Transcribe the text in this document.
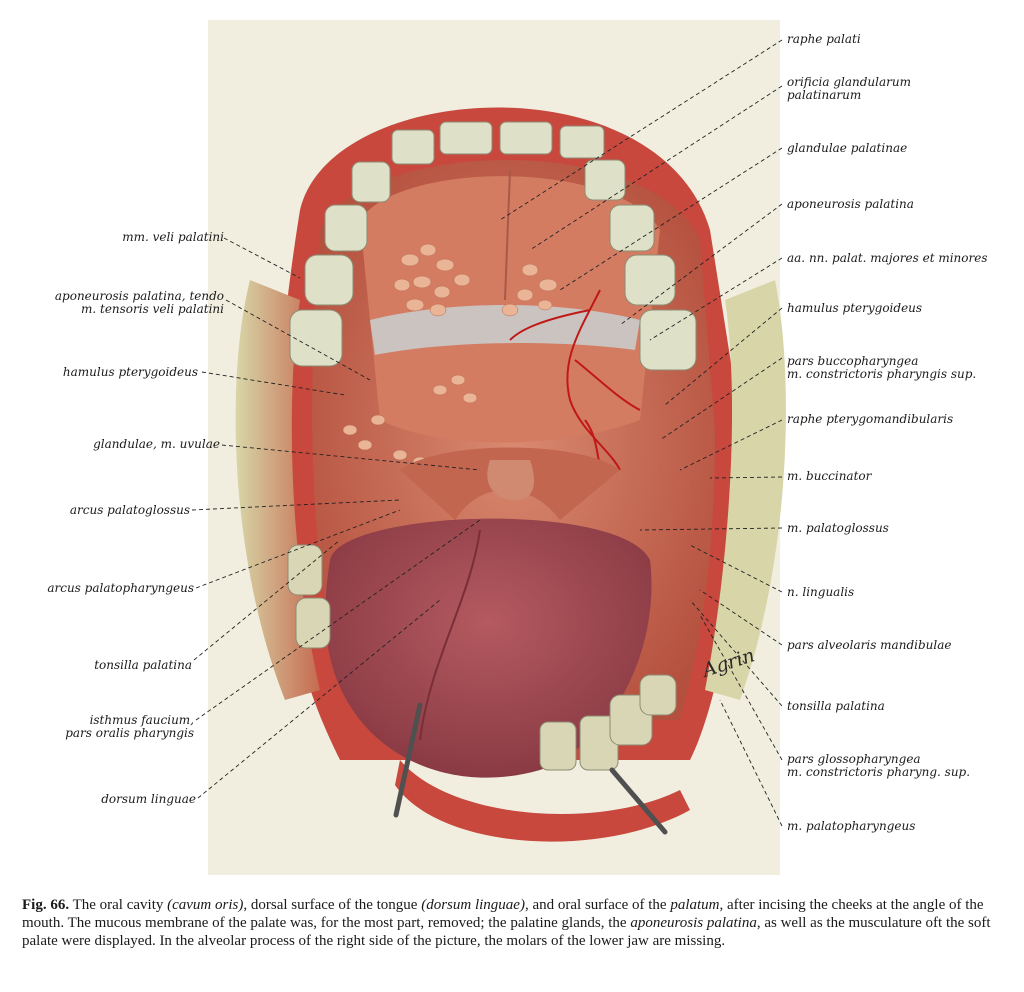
Agrin
mm. veli palatini
aponeurosis palatina, tendo
m. tensoris veli palatini
hamulus pterygoideus
glandulae, m. uvulae
arcus palatoglossus
arcus palatopharyngeus
tonsilla palatina
isthmus faucium,
pars oralis pharyngis
dorsum linguae
raphe palati
orificia glandularum
palatinarum
glandulae palatinae
aponeurosis palatina
aa. nn. palat. majores et minores
hamulus pterygoideus
pars buccopharyngea
m. constrictoris pharyngis sup.
raphe pterygomandibularis
m. buccinator
m. palatoglossus
n. lingualis
pars alveolaris mandibulae
tonsilla palatina
pars glossopharyngea
m. constrictoris pharyng. sup.
m. palatopharyngeus
Fig. 66. The oral cavity (cavum oris), dorsal surface of the tongue (dorsum linguae), and oral surface of the palatum, after incising the cheeks at the angle of the mouth. The mucous membrane of the palate was, for the most part, removed; the palatine glands, the aponeurosis palatina, as well as the musculature oft the soft palate were displayed. In the alveolar process of the right side of the picture, the molars of the lower jaw are missing.
